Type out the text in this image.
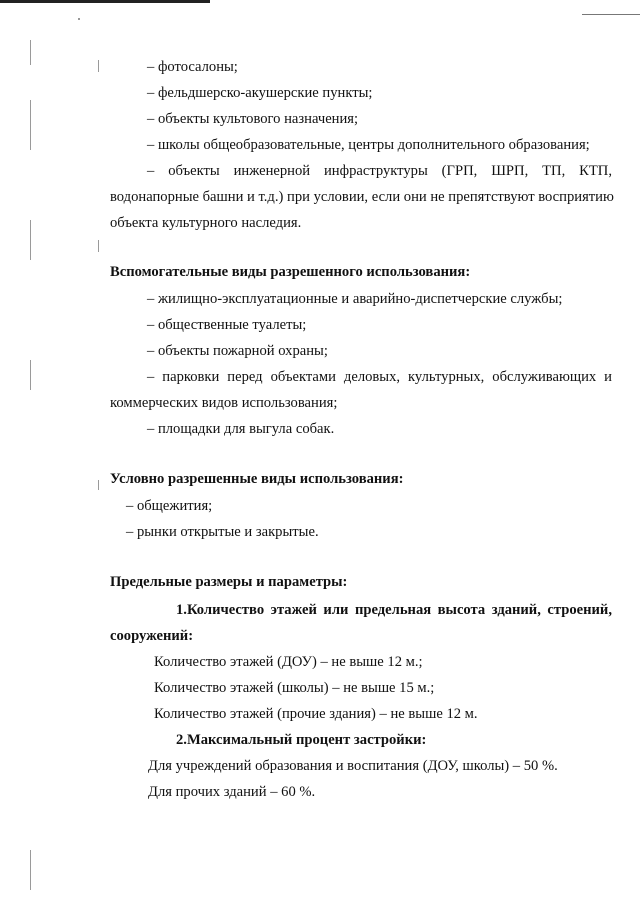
– фотосалоны;
– фельдшерско-акушерские пункты;
– объекты культового назначения;
– школы общеобразовательные, центры дополнительного образования;
– объекты инженерной инфраструктуры (ГРП, ШРП, ТП, КТП,
водонапорные башни и т.д.) при условии, если они не препятствуют восприятию
объекта культурного наследия.
Вспомогательные виды разрешенного использования:
– жилищно-эксплуатационные и аварийно-диспетчерские службы;
– общественные туалеты;
– объекты пожарной охраны;
– парковки перед объектами деловых, культурных, обслуживающих и
коммерческих видов использования;
– площадки для выгула собак.
Условно разрешенные виды использования:
– общежития;
– рынки открытые и закрытые.
Предельные размеры и параметры:
1.Количество этажей или предельная высота зданий, строений,
сооружений:
Количество этажей (ДОУ) – не выше 12 м.;
Количество этажей (школы) – не выше 15 м.;
Количество этажей (прочие здания) – не выше 12 м.
2.Максимальный процент застройки:
Для учреждений образования и воспитания (ДОУ, школы) – 50 %.
Для прочих зданий – 60 %.
